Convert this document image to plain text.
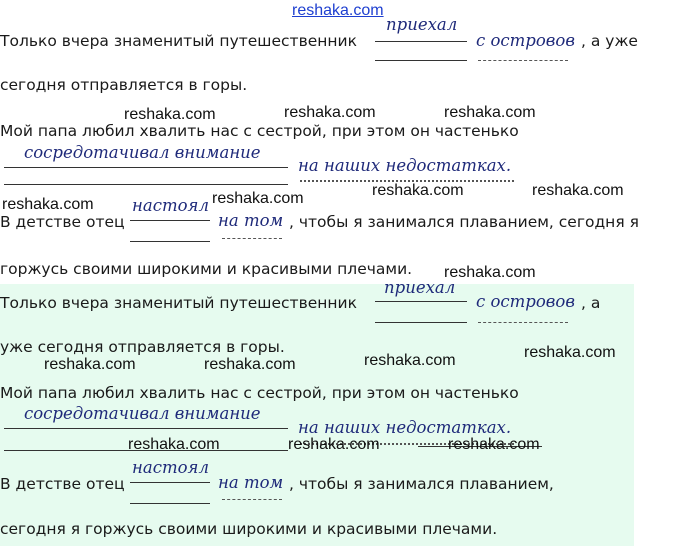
reshaka.com
Только вчера знаменитый путешественник
приехал
с островов , а уже
сегодня отправляется в горы.
reshaka.com	reshaka.com	reshaka.com
Мой папа любил хвалить нас с сестрой, при этом он частенько
сосредотачивал внимание
на наших недостатках.
reshaka.com	reshaka.com
reshaka.com	reshaka.com
В детстве отец
настоял
на том , чтобы я занимался плаванием, сегодня я
горжусь своими широкими и красивыми плечами. reshaka.com
Только вчера знаменитый путешественник
приехал
с островов , а
уже сегодня отправляется в горы.
reshaka.com	reshaka.com
reshaka.com	reshaka.com
Мой папа любил хвалить нас с сестрой, при этом он частенько
сосредотачивал внимание
на наших недостатках.
reshaka.com	reshaka.com	reshaka.com
В детстве отец
настоял
на том , чтобы я занимался плаванием,
сегодня я горжусь своими широкими и красивыми плечами.
